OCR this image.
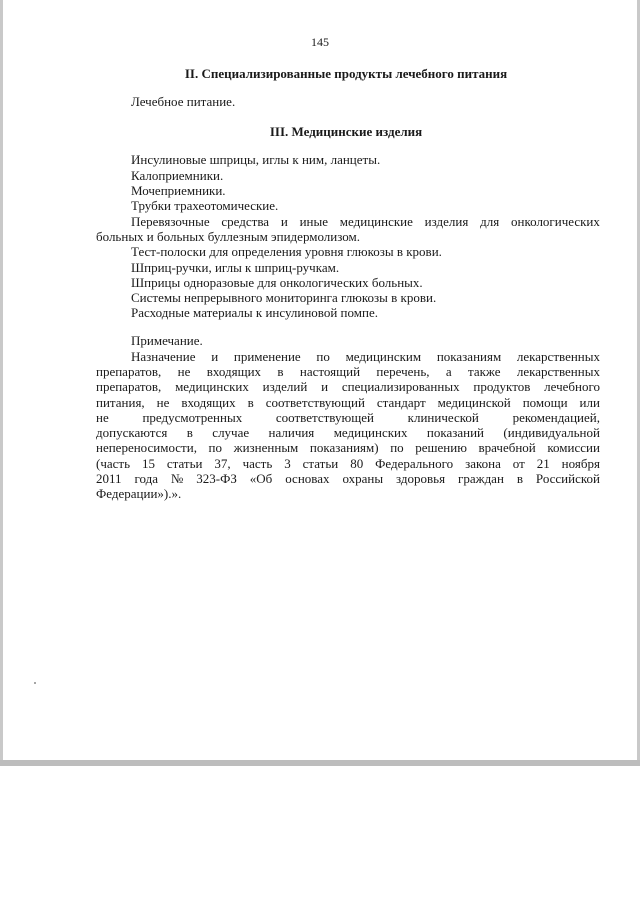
145
II. Специализированные продукты лечебного питания
Лечебное питание.
III. Медицинские изделия
Инсулиновые шприцы, иглы к ним, ланцеты.
Калоприемники.
Мочеприемники.
Трубки трахеотомические.
Перевязочные средства и иные медицинские изделия для онкологических
больных и больных буллезным эпидермолизом.
Тест-полоски для определения уровня глюкозы в крови.
Шприц-ручки, иглы к шприц-ручкам.
Шприцы одноразовые для онкологических больных.
Системы непрерывного мониторинга глюкозы в крови.
Расходные материалы к инсулиновой помпе.
Примечание.
Назначение и применение по медицинским показаниям лекарственных
препаратов, не входящих в настоящий перечень, а также лекарственных
препаратов, медицинских изделий и специализированных продуктов лечебного
питания, не входящих в соответствующий стандарт медицинской помощи или
не	предусмотренных	соответствующей	клинической	рекомендацией,
допускаются в случае наличия медицинских показаний (индивидуальной
непереносимости, по жизненным показаниям) по решению врачебной комиссии
(часть 15 статьи 37, часть 3 статьи 80 Федерального закона от 21 ноября
2011 года № 323-ФЗ «Об основах охраны здоровья граждан в Российской
Федерации»).».
